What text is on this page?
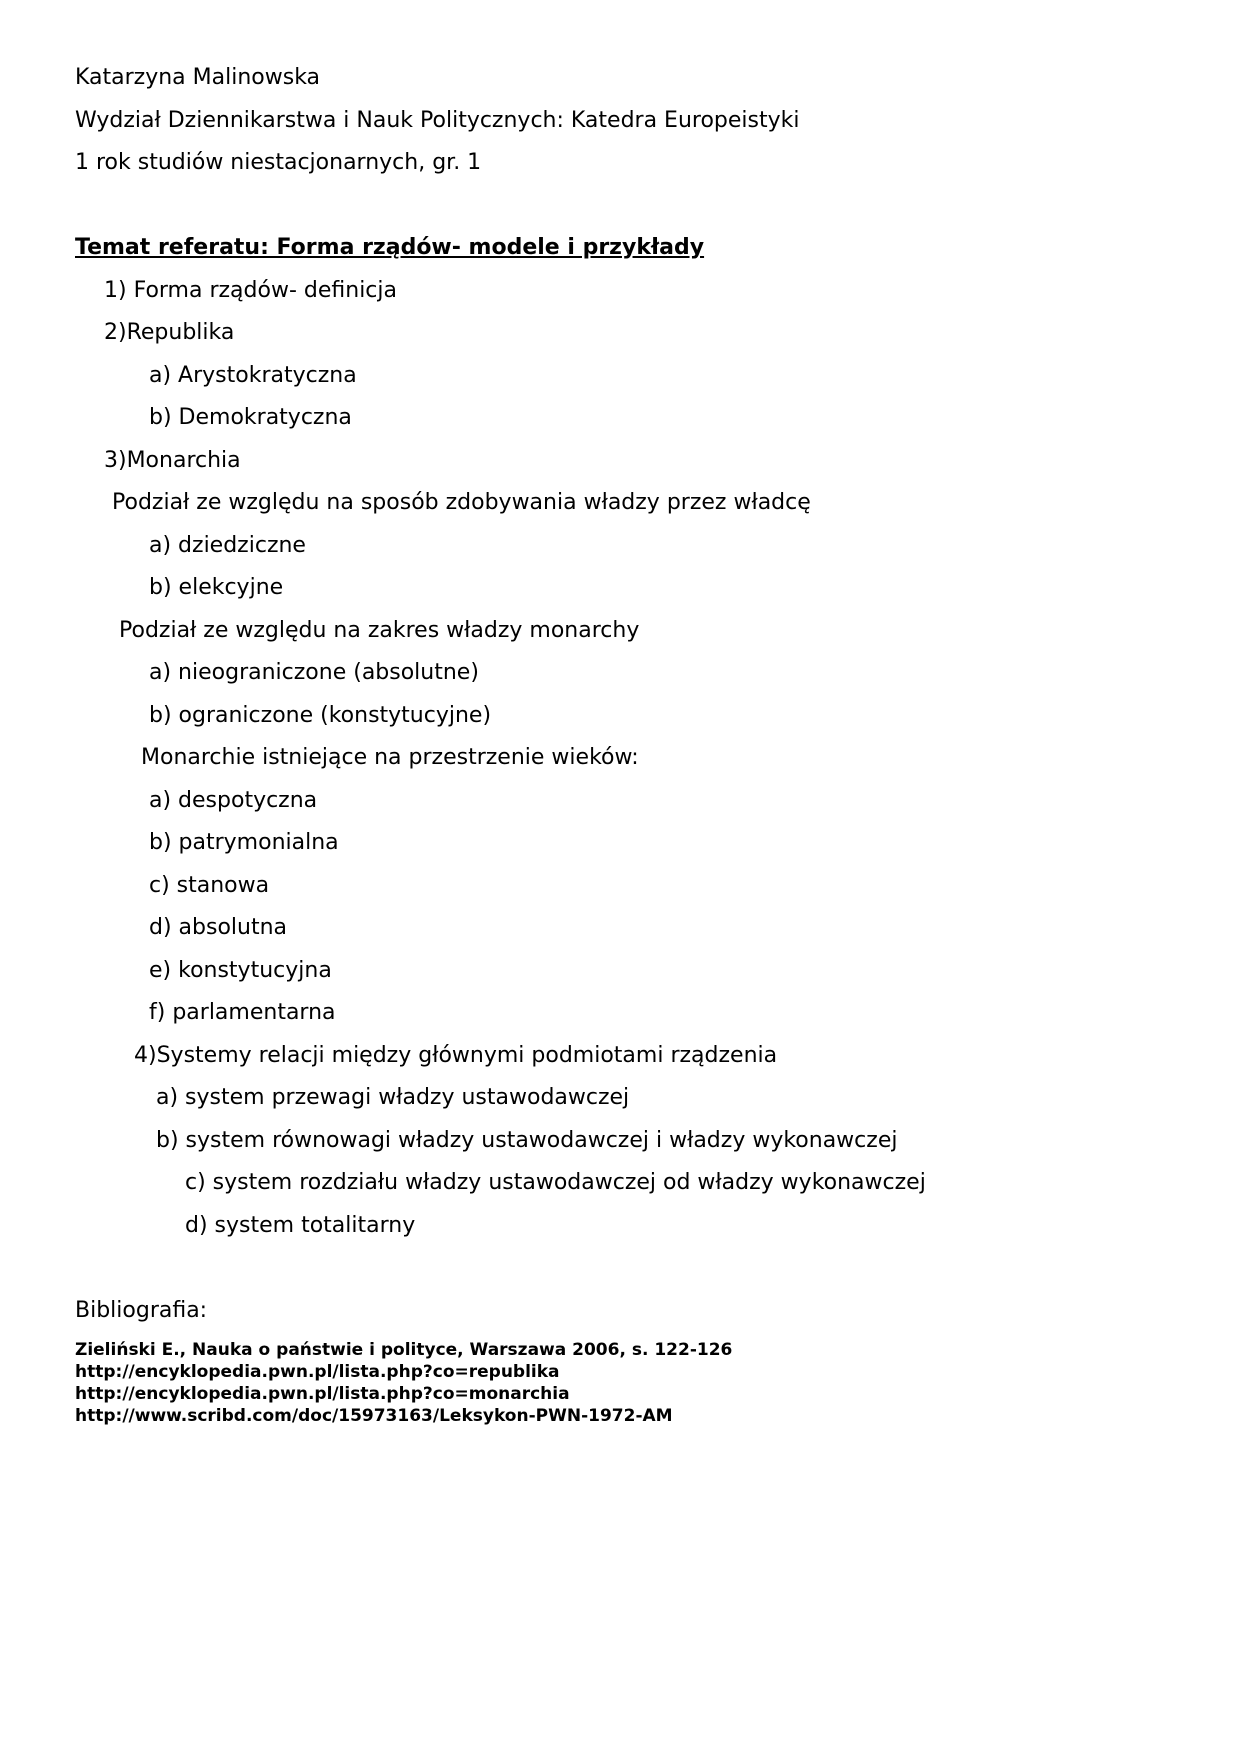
Katarzyna Malinowska
Wydział Dziennikarstwa i Nauk Politycznych: Katedra Europeistyki
1 rok studiów niestacjonarnych, gr. 1
Temat referatu: Forma rządów- modele i przykłady
1) Forma rządów- definicja
2)Republika
a) Arystokratyczna
b) Demokratyczna
3)Monarchia
Podział ze względu na sposób zdobywania władzy przez władcę
a) dziedziczne
b) elekcyjne
Podział ze względu na zakres władzy monarchy
a) nieograniczone (absolutne)
b) ograniczone (konstytucyjne)
Monarchie istniejące na przestrzenie wieków:
a) despotyczna
b) patrymonialna
c) stanowa
d) absolutna
e) konstytucyjna
f) parlamentarna
4)Systemy relacji między głównymi podmiotami rządzenia
a) system przewagi władzy ustawodawczej
b) system równowagi władzy ustawodawczej i władzy wykonawczej
c) system rozdziału władzy ustawodawczej od władzy wykonawczej
d) system totalitarny
Bibliografia:
Zieliński E., Nauka o państwie i polityce, Warszawa 2006, s. 122-126
http://encyklopedia.pwn.pl/lista.php?co=republika
http://encyklopedia.pwn.pl/lista.php?co=monarchia
http://www.scribd.com/doc/15973163/Leksykon-PWN-1972-AM
